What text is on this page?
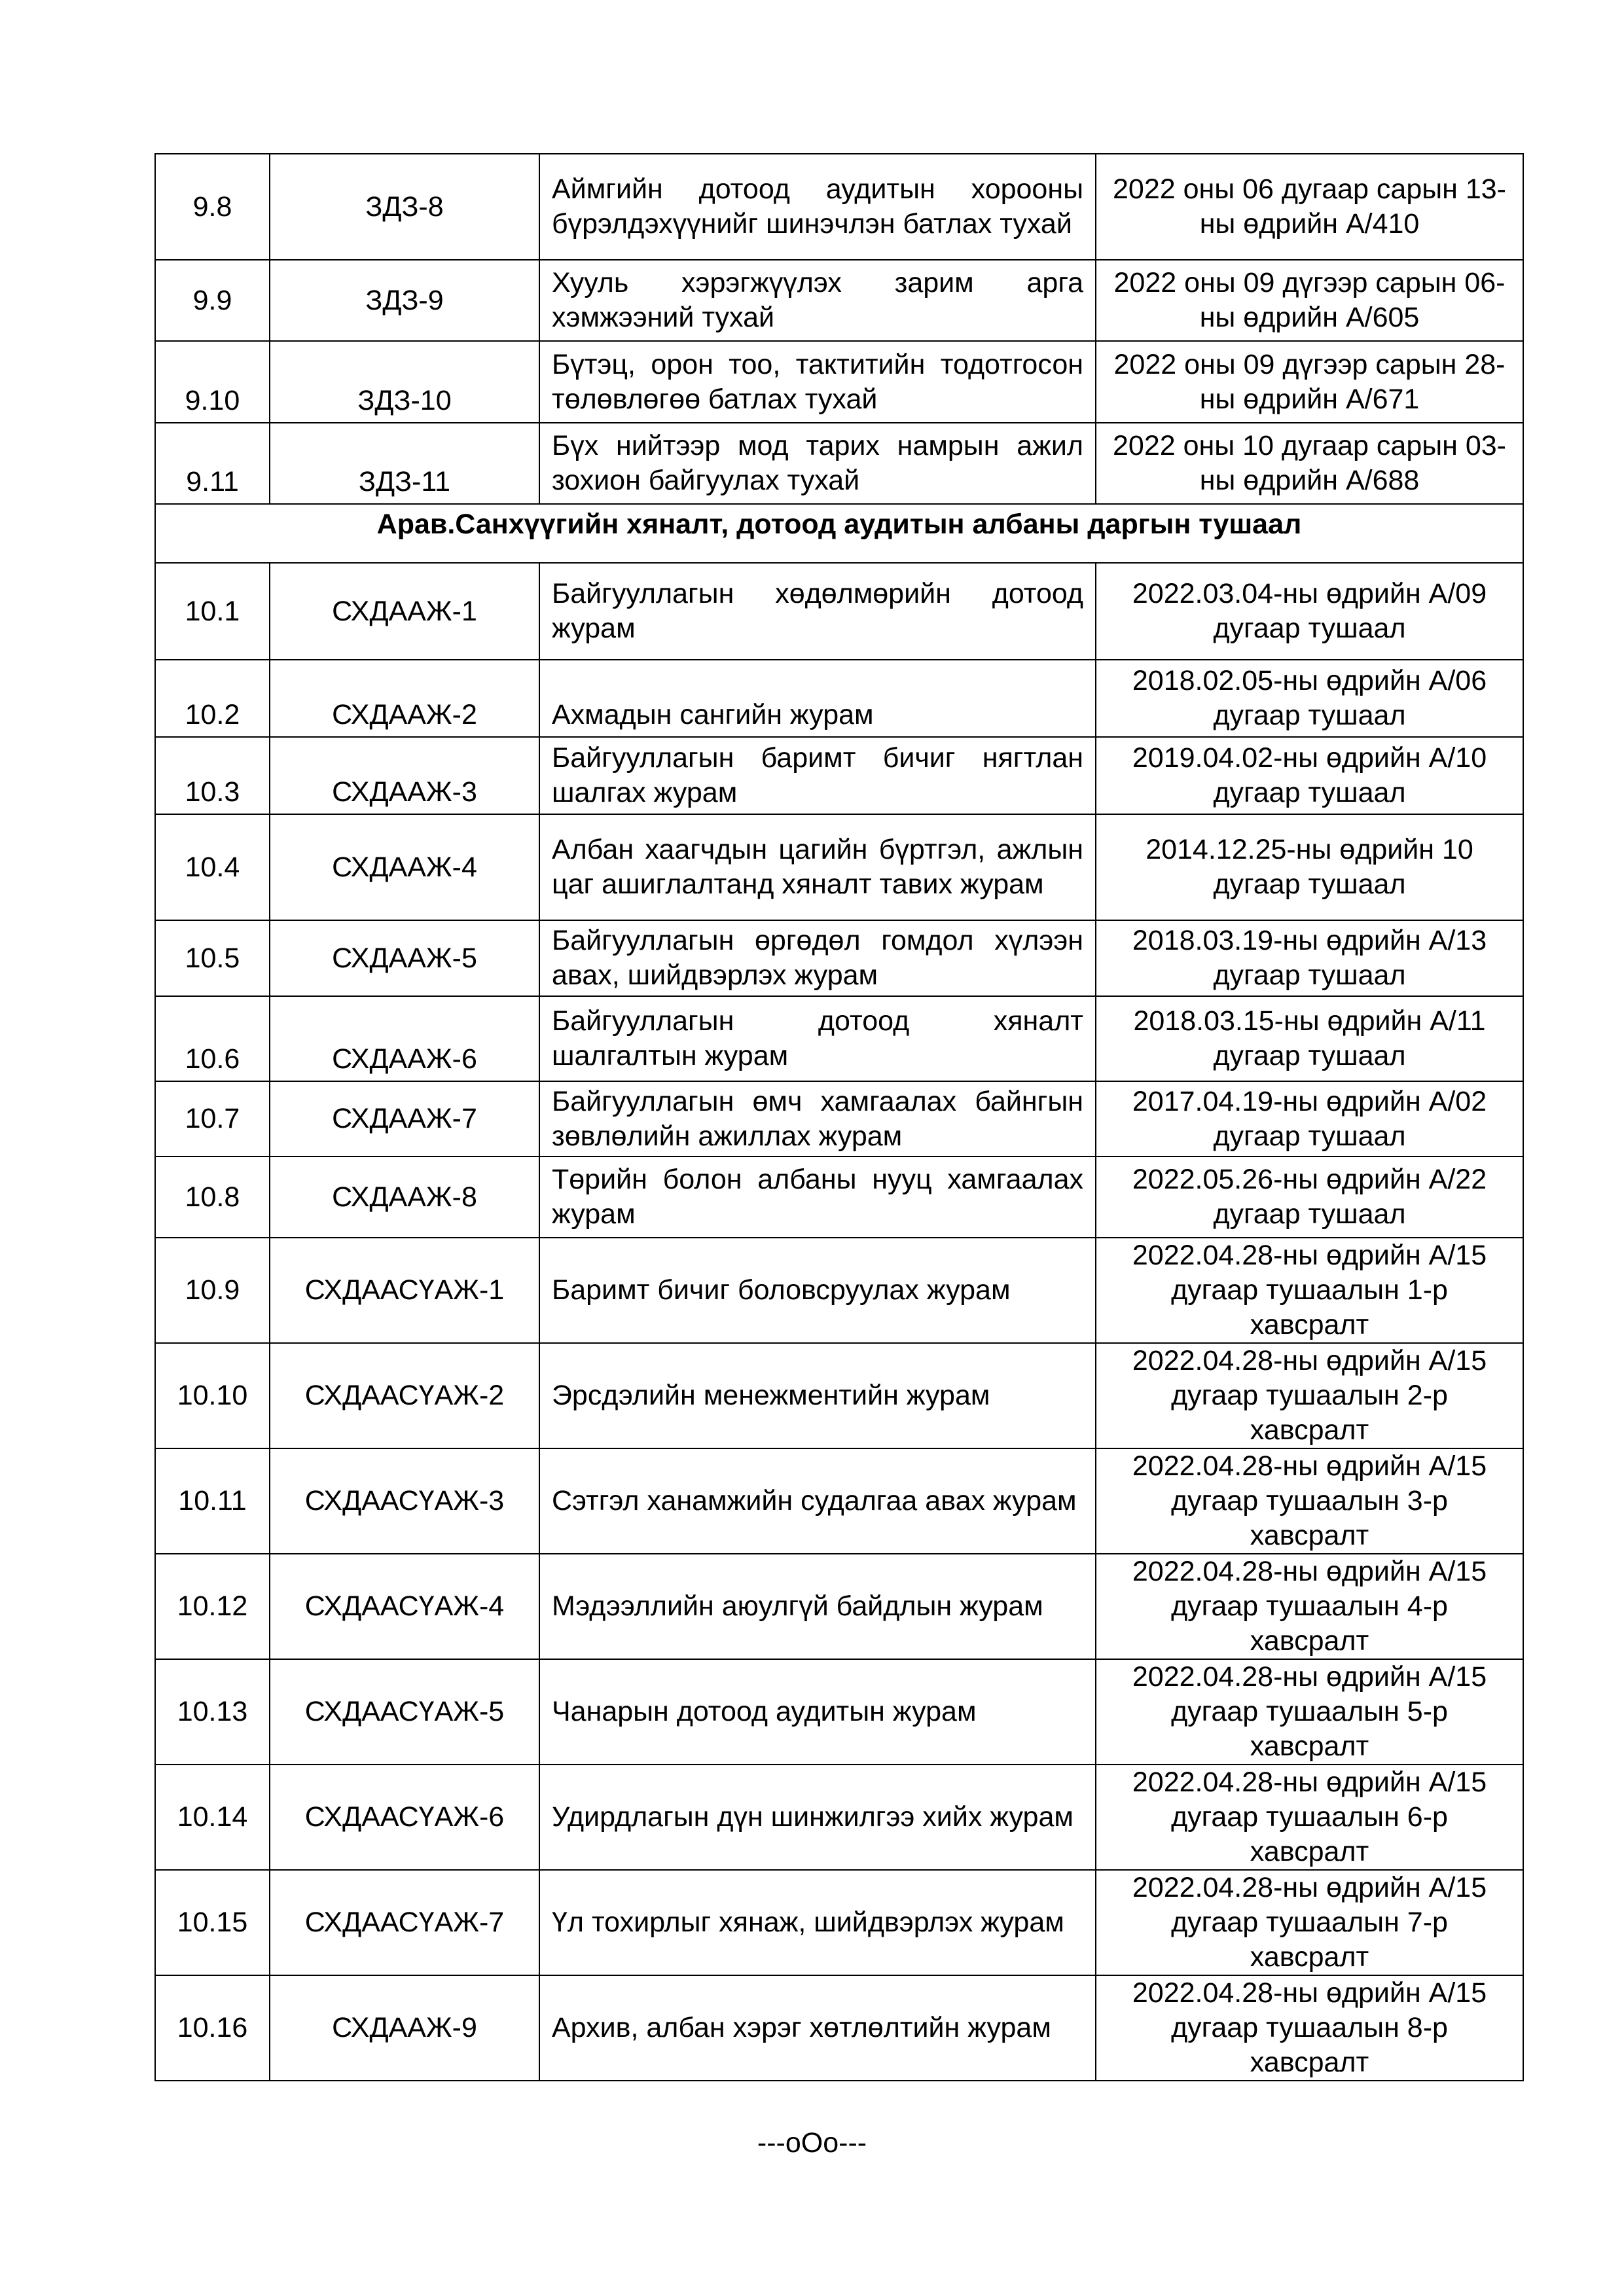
9.8	ЗДЗ-8	Аймгийн дотоод аудитын хорооны бүрэлдэхүүнийг шинэчлэн батлах тухай	2022 оны 06 дугаар сарын 13-ны өдрийн А/410
9.9	ЗДЗ-9	Хууль хэрэгжүүлэх зарим арга хэмжээний тухай	2022 оны 09 дүгээр сарын 06-ны өдрийн А/605
9.10	ЗДЗ-10	Бүтэц, орон тоо, тактитийн тодотгосон төлөвлөгөө батлах тухай	2022 оны 09 дүгээр сарын 28-ны өдрийн А/671
9.11	ЗДЗ-11	Бүх нийтээр мод тарих намрын ажил зохион байгуулах тухай	2022 оны 10 дугаар сарын 03-ны өдрийн А/688
Арав.Санхүүгийн хяналт, дотоод аудитын албаны даргын тушаал			
10.1	СХДААЖ-1	Байгууллагын хөдөлмөрийн дотоод журам	2022.03.04-ны өдрийн А/09 дугаар тушаал
10.2	СХДААЖ-2	Ахмадын сангийн журам	2018.02.05-ны өдрийн А/06 дугаар тушаал
10.3	СХДААЖ-3	Байгууллагын баримт бичиг нягтлан шалгах журам	2019.04.02-ны өдрийн А/10 дугаар тушаал
10.4	СХДААЖ-4	Албан хаагчдын цагийн бүртгэл, ажлын цаг ашиглалтанд хяналт тавих журам	2014.12.25-ны өдрийн 10 дугаар тушаал
10.5	СХДААЖ-5	Байгууллагын өргөдөл гомдол хүлээн авах, шийдвэрлэх журам	2018.03.19-ны өдрийн А/13 дугаар тушаал
10.6	СХДААЖ-6	Байгууллагын дотоод хяналт шалгалтын журам	2018.03.15-ны өдрийн А/11 дугаар тушаал
10.7	СХДААЖ-7	Байгууллагын өмч хамгаалах байнгын зөвлөлийн ажиллах журам	2017.04.19-ны өдрийн А/02 дугаар тушаал
10.8	СХДААЖ-8	Төрийн болон албаны нууц хамгаалах журам	2022.05.26-ны өдрийн А/22 дугаар тушаал
10.9	СХДААСҮАЖ-1	Баримт бичиг боловсруулах журам	2022.04.28-ны өдрийн А/15 дугаар тушаалын 1-р хавсралт
10.10	СХДААСҮАЖ-2	Эрсдэлийн менежментийн журам	2022.04.28-ны өдрийн А/15 дугаар тушаалын 2-р хавсралт
10.11	СХДААСҮАЖ-3	Сэтгэл ханамжийн судалгаа авах журам	2022.04.28-ны өдрийн А/15 дугаар тушаалын 3-р хавсралт
10.12	СХДААСҮАЖ-4	Мэдээллийн аюулгүй байдлын журам	2022.04.28-ны өдрийн А/15 дугаар тушаалын 4-р хавсралт
10.13	СХДААСҮАЖ-5	Чанарын дотоод аудитын журам	2022.04.28-ны өдрийн А/15 дугаар тушаалын 5-р хавсралт
10.14	СХДААСҮАЖ-6	Удирдлагын дүн шинжилгээ хийх журам	2022.04.28-ны өдрийн А/15 дугаар тушаалын 6-р хавсралт
10.15	СХДААСҮАЖ-7	Үл тохирлыг хянаж, шийдвэрлэх журам	2022.04.28-ны өдрийн А/15 дугаар тушаалын 7-р хавсралт
10.16	СХДААЖ-9	Архив, албан хэрэг хөтлөлтийн журам	2022.04.28-ны өдрийн А/15 дугаар тушаалын 8-р хавсралт
---oOo---
